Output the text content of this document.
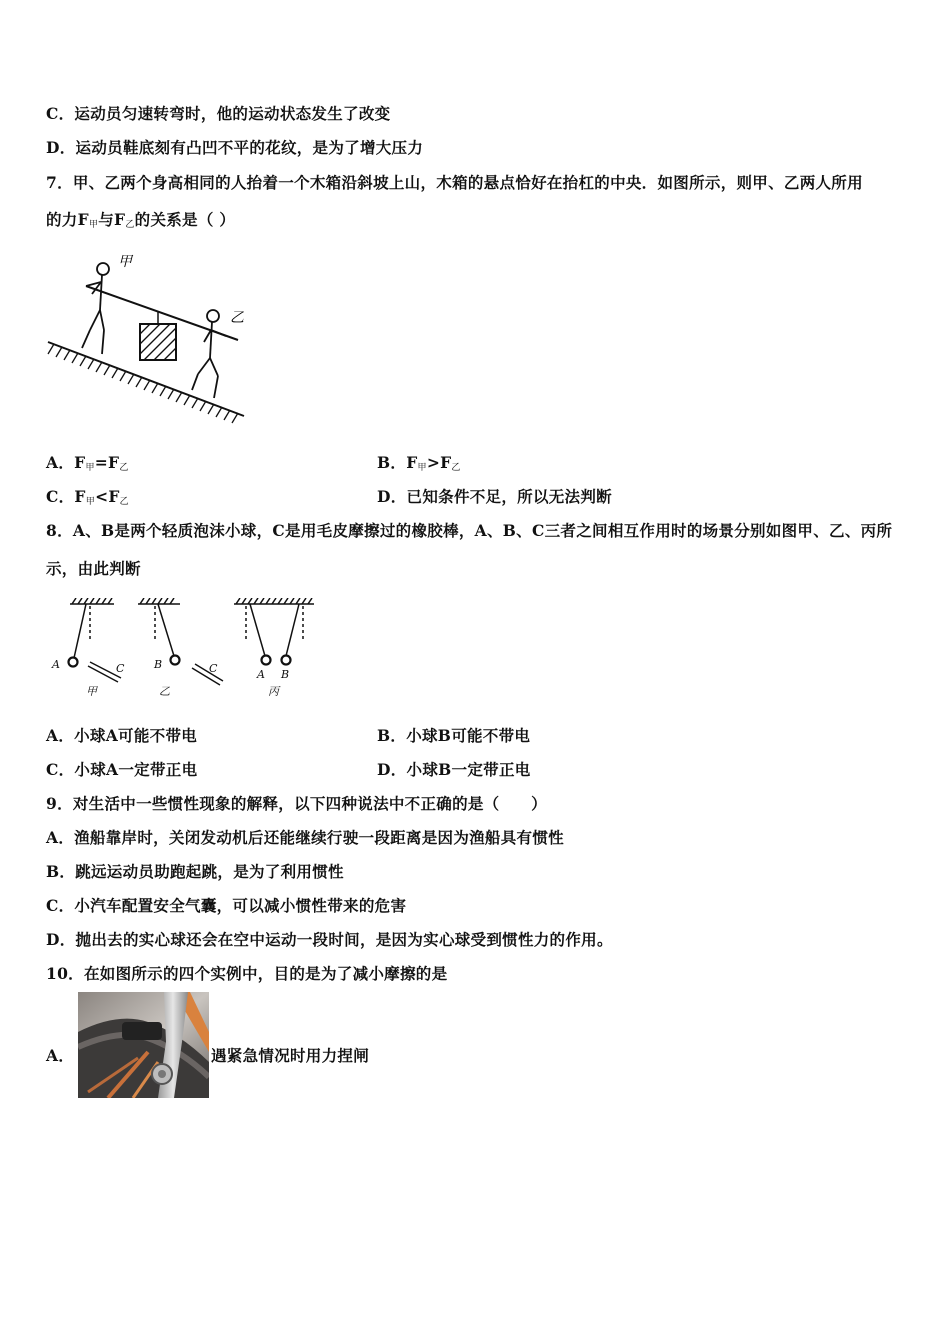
C．运动员匀速转弯时，他的运动状态发生了改变
D．运动员鞋底刻有凸凹不平的花纹，是为了增大压力
7．甲、乙两个身高相同的人抬着一个木箱沿斜坡上山，木箱的悬点恰好在抬杠的中央．如图所示，则甲、乙两人所用
的力$F_甲$与$F_乙$的关系是（ ）
甲
乙
A．$F_甲=F_乙$	B．$F_甲>F_乙$
C．$F_甲<F_乙$	D．已知条件不足，所以无法判断
8．A、B是两个轻质泡沫小球，C是用毛皮摩擦过的橡胶棒，A、B、C三者之间相互作用时的场景分别如图甲、乙、丙所
示，由此判断
A	C
甲
B	C
乙
A B
丙
A．小球A可能不带电	B．小球B可能不带电
C．小球A一定带正电	D．小球B一定带正电
9．对生活中一些惯性现象的解释，以下四种说法中不正确的是（　　）
A．渔船靠岸时，关闭发动机后还能继续行驶一段距离是因为渔船具有惯性
B．跳远运动员助跑起跳，是为了利用惯性
C．小汽车配置安全气囊，可以减小惯性带来的危害
D．抛出去的实心球还会在空中运动一段时间，是因为实心球受到惯性力的作用。
10．在如图所示的四个实例中，目的是为了减小摩擦的是
A．	遇紧急情况时用力捏闸
